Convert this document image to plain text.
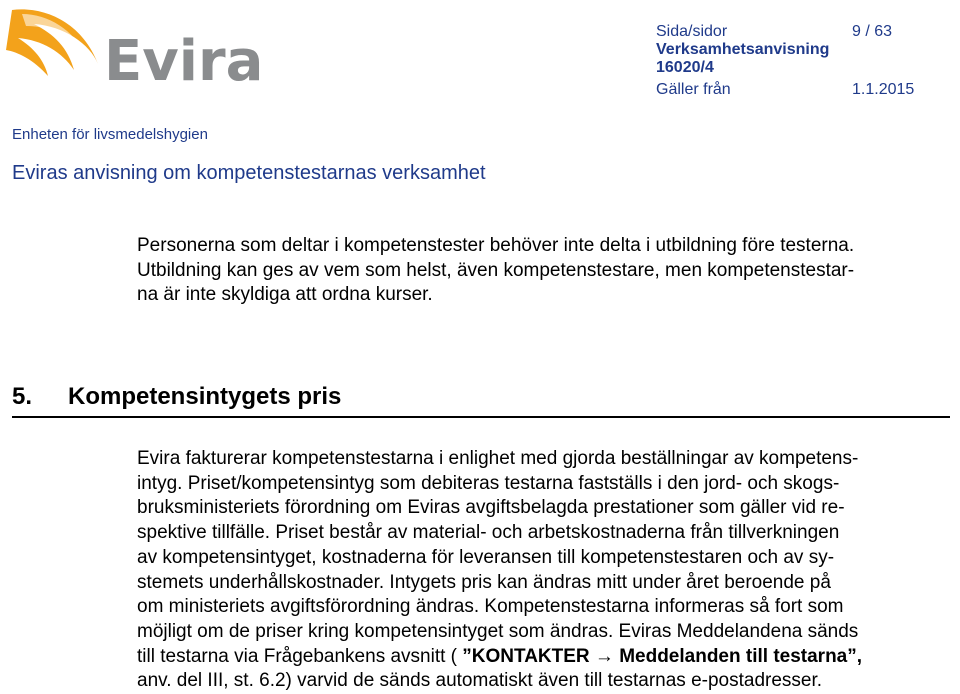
Evira	Sida/sidor	9 / 63
Verksamhetsanvisning
16020/4
Gäller från	1.1.2015
Enheten för livsmedelshygien
Eviras anvisning om kompetenstestarnas verksamhet
Personerna som deltar i kompetenstester behöver inte delta i utbildning före testerna.
Utbildning kan ges av vem som helst, även kompetenstestare, men kompetenstestar-
na är inte skyldiga att ordna kurser.
5. Kompetensintygets pris
Evira fakturerar kompetenstestarna i enlighet med gjorda beställningar av kompetens-
intyg. Priset/kompetensintyg som debiteras testarna fastställs i den jord- och skogs-
bruksministeriets förordning om Eviras avgiftsbelagda prestationer som gäller vid re-
spektive tillfälle. Priset består av material- och arbetskostnaderna från tillverkningen
av kompetensintyget, kostnaderna för leveransen till kompetenstestaren och av sy-
stemets underhållskostnader. Intygets pris kan ändras mitt under året beroende på
om ministeriets avgiftsförordning ändras. Kompetenstestarna informeras så fort som
möjligt om de priser kring kompetensintyget som ändras. Eviras Meddelandena sänds
till testarna via Frågebankens avsnitt ( ”KONTAKTER → Meddelanden till testarna”,
anv. del III, st. 6.2) varvid de sänds automatiskt även till testarnas e-postadresser.
